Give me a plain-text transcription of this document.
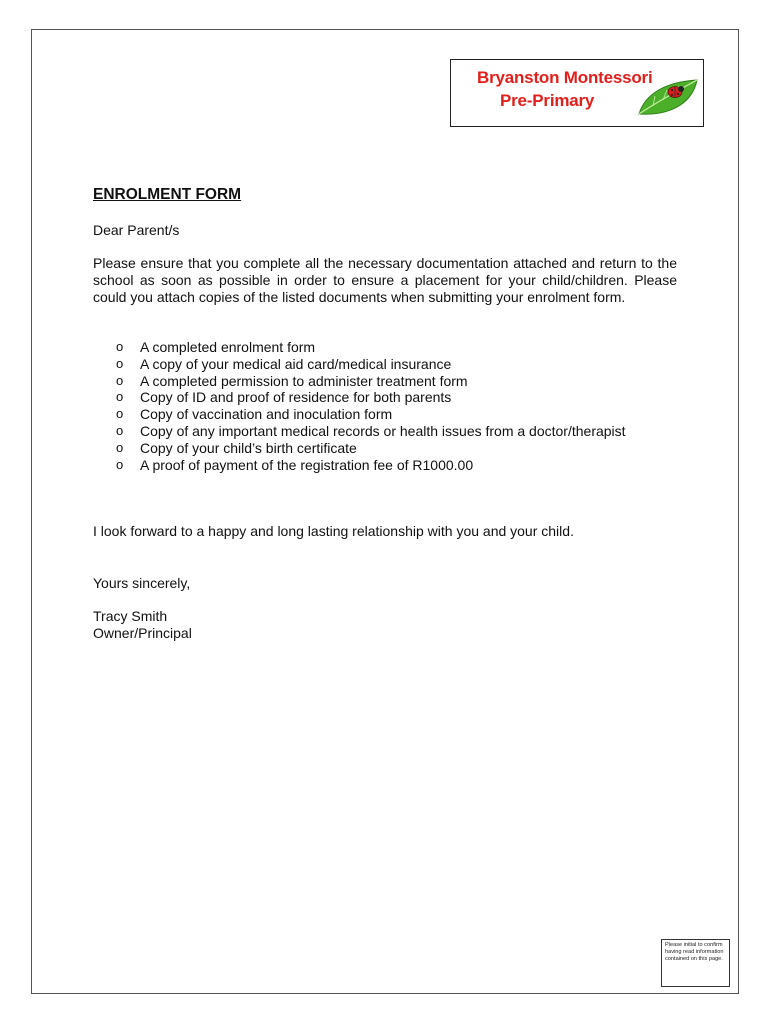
Bryanston Montessori
Pre-Primary
ENROLMENT FORM
Dear Parent/s
Please ensure that you complete all the necessary documentation attached and return to the school as soon as possible in order to ensure a placement for your child/children. Please could you attach copies of the listed documents when submitting your enrolment form.
o A completed enrolment form
o A copy of your medical aid card/medical insurance
o A completed permission to administer treatment form
o Copy of ID and proof of residence for both parents
o Copy of vaccination and inoculation form
o Copy of any important medical records or health issues from a doctor/therapist
o Copy of your child’s birth certificate
o A proof of payment of the registration fee of R1000.00
I look forward to a happy and long lasting relationship with you and your child.
Yours sincerely,
Tracy Smith
Owner/Principal
Please initial to confirm having read information contained on this page.
